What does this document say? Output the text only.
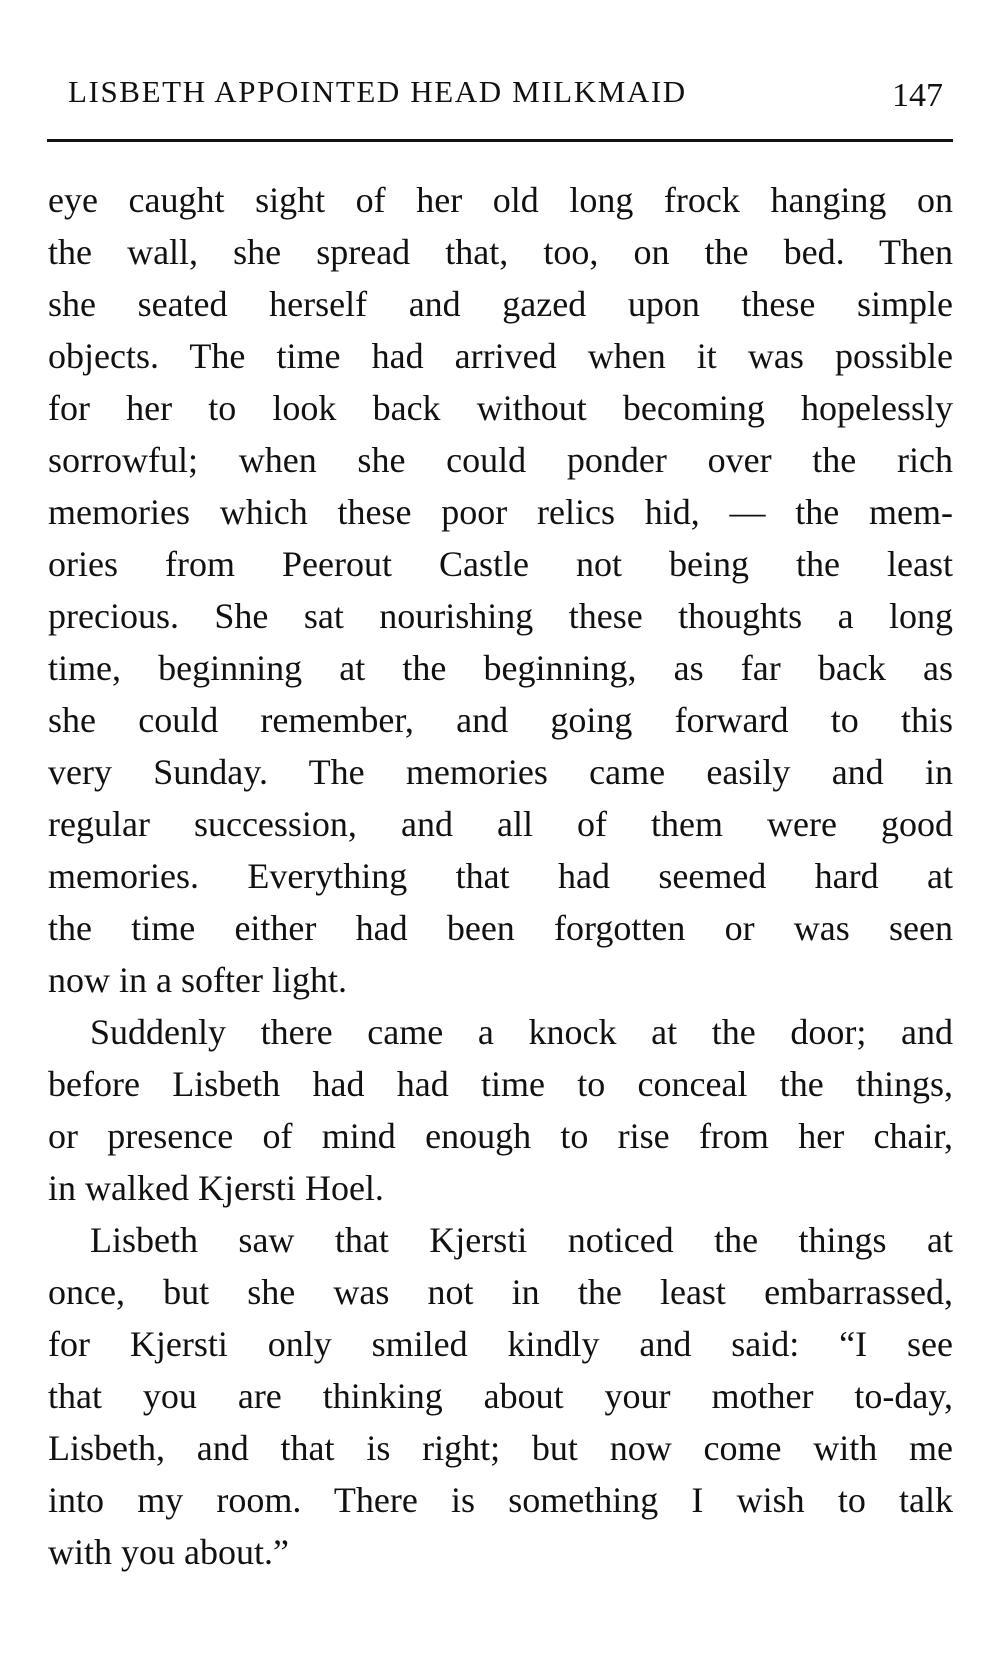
LISBETH APPOINTED HEAD MILKMAID	147
eye caught sight of her old long frock hanging on
the wall, she spread that, too, on the bed. Then
she seated herself and gazed upon these simple
objects. The time had arrived when it was possible
for her to look back without becoming hopelessly
sorrowful; when she could ponder over the rich
memories which these poor relics hid, — the mem-
ories from Peerout Castle not being the least
precious. She sat nourishing these thoughts a long
time, beginning at the beginning, as far back as
she could remember, and going forward to this
very Sunday. The memories came easily and in
regular succession, and all of them were good
memories. Everything that had seemed hard at
the time either had been forgotten or was seen
now in a softer light.
Suddenly there came a knock at the door; and
before Lisbeth had had time to conceal the things,
or presence of mind enough to rise from her chair,
in walked Kjersti Hoel.
Lisbeth saw that Kjersti noticed the things at
once, but she was not in the least embarrassed,
for Kjersti only smiled kindly and said: “I see
that you are thinking about your mother to-day,
Lisbeth, and that is right; but now come with me
into my room. There is something I wish to talk
with you about.”
